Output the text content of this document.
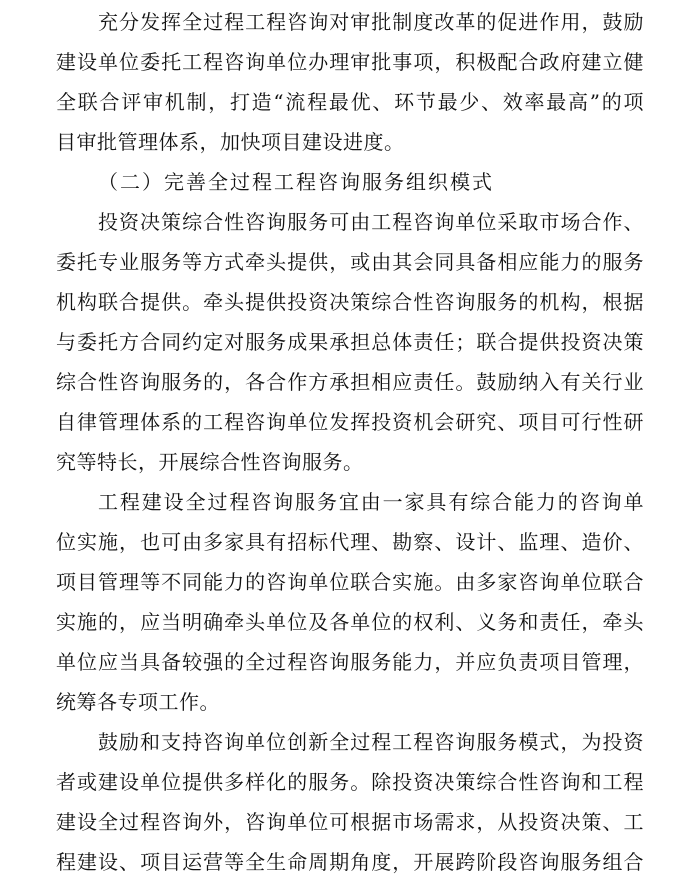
充分发挥全过程工程咨询对审批制度改革的促进作用，鼓励
建设单位委托工程咨询单位办理审批事项，积极配合政府建立健
全联合评审机制，打造“流程最优、环节最少、效率最高”的项
目审批管理体系，加快项目建设进度。
（二）完善全过程工程咨询服务组织模式
投资决策综合性咨询服务可由工程咨询单位采取市场合作、
委托专业服务等方式牵头提供，或由其会同具备相应能力的服务
机构联合提供。牵头提供投资决策综合性咨询服务的机构，根据
与委托方合同约定对服务成果承担总体责任；联合提供投资决策
综合性咨询服务的，各合作方承担相应责任。鼓励纳入有关行业
自律管理体系的工程咨询单位发挥投资机会研究、项目可行性研
究等特长，开展综合性咨询服务。
工程建设全过程咨询服务宜由一家具有综合能力的咨询单
位实施，也可由多家具有招标代理、勘察、设计、监理、造价、
项目管理等不同能力的咨询单位联合实施。由多家咨询单位联合
实施的，应当明确牵头单位及各单位的权利、义务和责任，牵头
单位应当具备较强的全过程咨询服务能力，并应负责项目管理，
统筹各专项工作。
鼓励和支持咨询单位创新全过程工程咨询服务模式，为投资
者或建设单位提供多样化的服务。除投资决策综合性咨询和工程
建设全过程咨询外，咨询单位可根据市场需求，从投资决策、工
程建设、项目运营等全生命周期角度，开展跨阶段咨询服务组合
